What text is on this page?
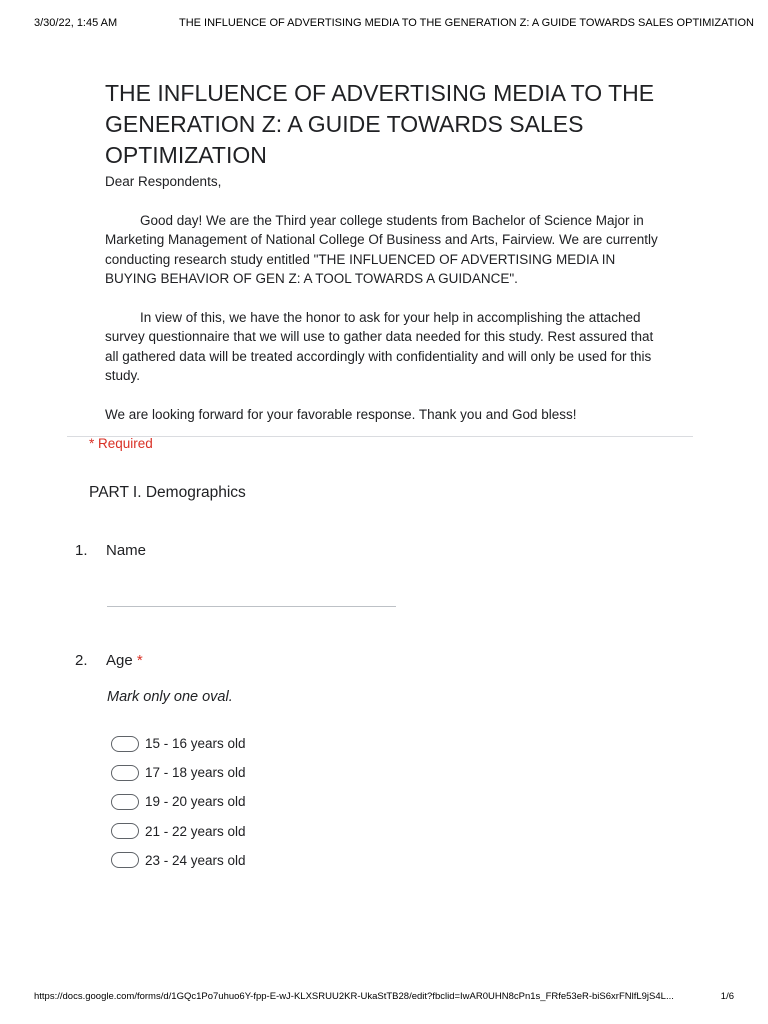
3/30/22, 1:45 AM	THE INFLUENCE OF ADVERTISING MEDIA TO THE GENERATION Z: A GUIDE TOWARDS SALES OPTIMIZATION
THE INFLUENCE OF ADVERTISING MEDIA TO THE GENERATION Z: A GUIDE TOWARDS SALES OPTIMIZATION

Dear Respondents,

Good day! We are the Third year college students from Bachelor of Science Major in Marketing Management of National College Of Business and Arts, Fairview. We are currently conducting research study entitled "THE INFLUENCED OF ADVERTISING MEDIA IN BUYING BEHAVIOR OF GEN Z: A TOOL TOWARDS A GUIDANCE".

In view of this, we have the honor to ask for your help in accomplishing the attached survey questionnaire that we will use to gather data needed for this study. Rest assured that all gathered data will be treated accordingly with confidentiality and will only be used for this study.

We are looking forward for your favorable response. Thank you and God bless!

* Required
PART I. Demographics
1. Name
2. Age *
Mark only one oval.
15 - 16 years old
17 - 18 years old
19 - 20 years old
21 - 22 years old
23 - 24 years old
https://docs.google.com/forms/d/1GQc1Po7uhuo6Y-fpp-E-wJ-KLXSRUU2KR-UkaStTB28/edit?fbclid=IwAR0UHN8cPn1s_FRfe53eR-biS6xrFNlfL9jS4L...	1/6
